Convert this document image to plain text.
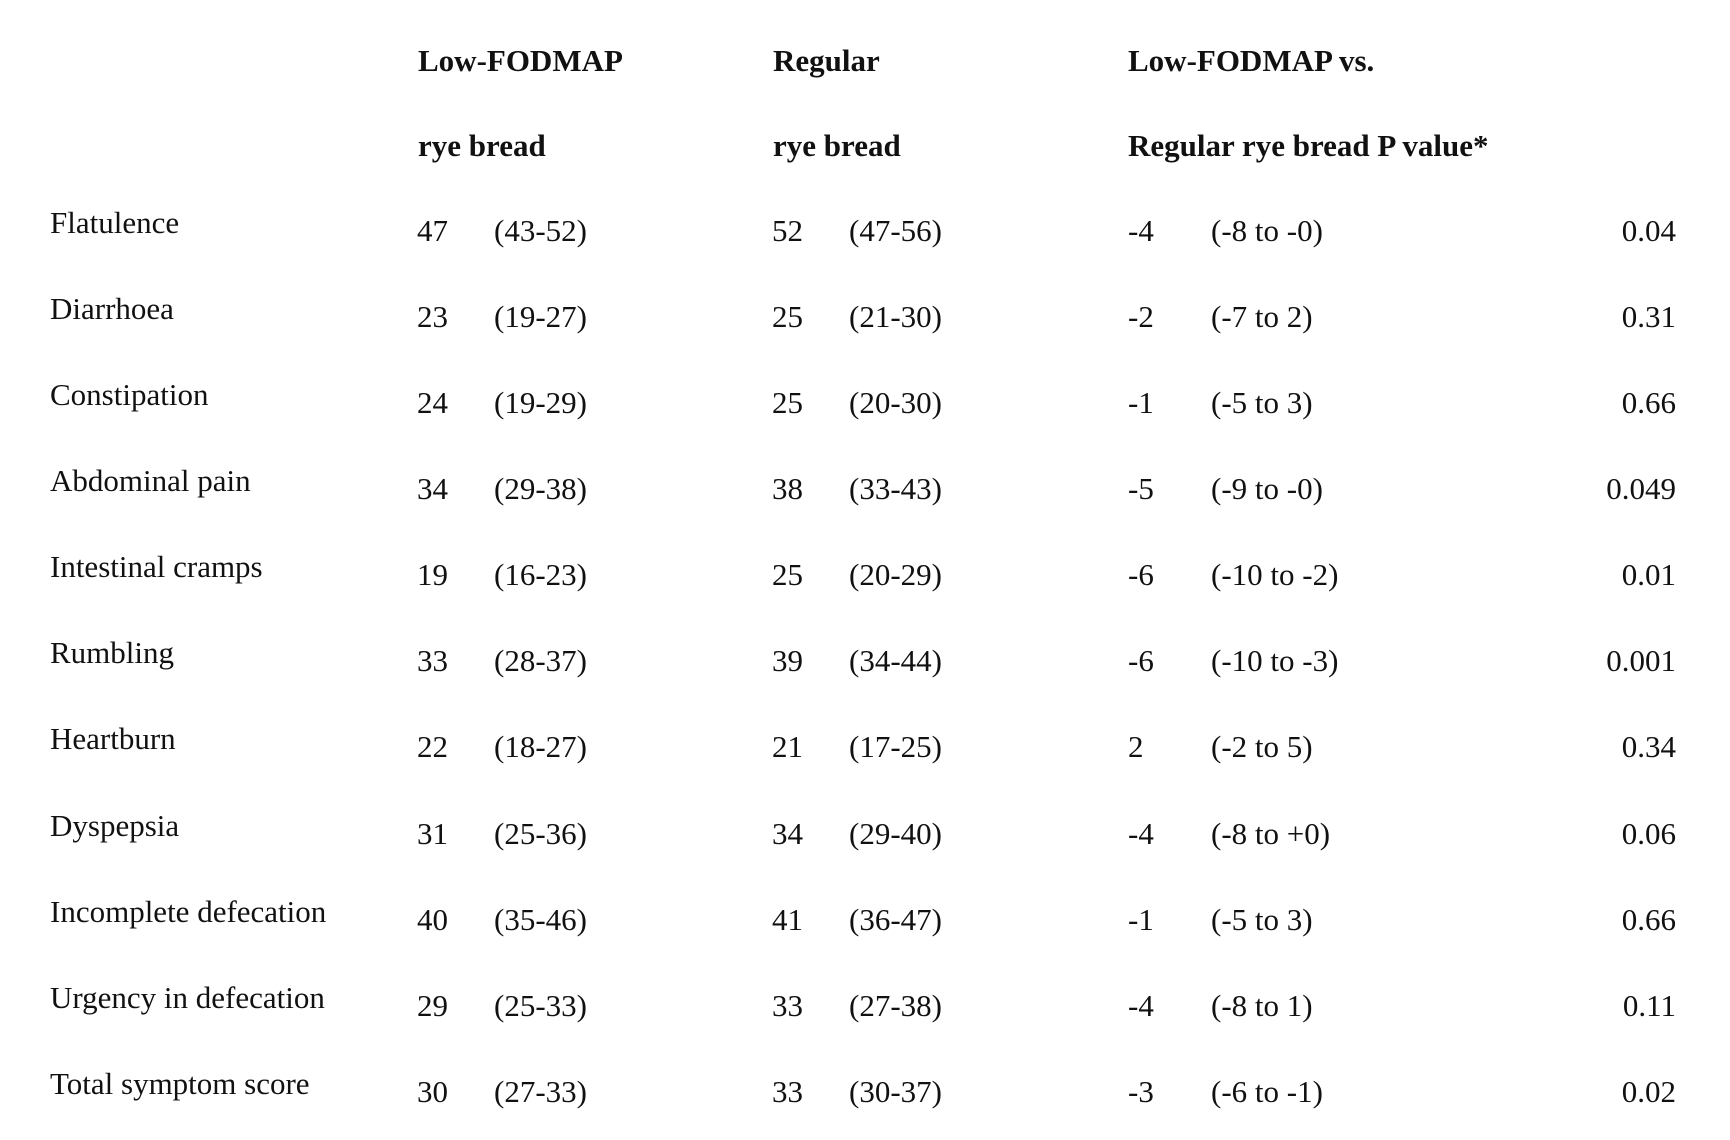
Low-FODMAP
rye bread
Regular
rye bread
Low-FODMAP vs.
Regular rye bread P value*
Flatulence	47 (43-52)	52 (47-56)	-4 (-8 to -0)	0.04
Diarrhoea	23 (19-27)	25 (21-30)	-2 (-7 to 2)	0.31
Constipation	24 (19-29)	25 (20-30)	-1 (-5 to 3)	0.66
Abdominal pain	34 (29-38)	38 (33-43)	-5 (-9 to -0)	0.049
Intestinal cramps	19 (16-23)	25 (20-29)	-6 (-10 to -2)	0.01
Rumbling	33 (28-37)	39 (34-44)	-6 (-10 to -3)	0.001
Heartburn	22 (18-27)	21 (17-25)	2 (-2 to 5)	0.34
Dyspepsia	31 (25-36)	34 (29-40)	-4 (-8 to +0)	0.06
Incomplete defecation	40 (35-46)	41 (36-47)	-1 (-5 to 3)	0.66
Urgency in defecation	29 (25-33)	33 (27-38)	-4 (-8 to 1)	0.11
Total symptom score	30 (27-33)	33 (30-37)	-3 (-6 to -1)	0.02
